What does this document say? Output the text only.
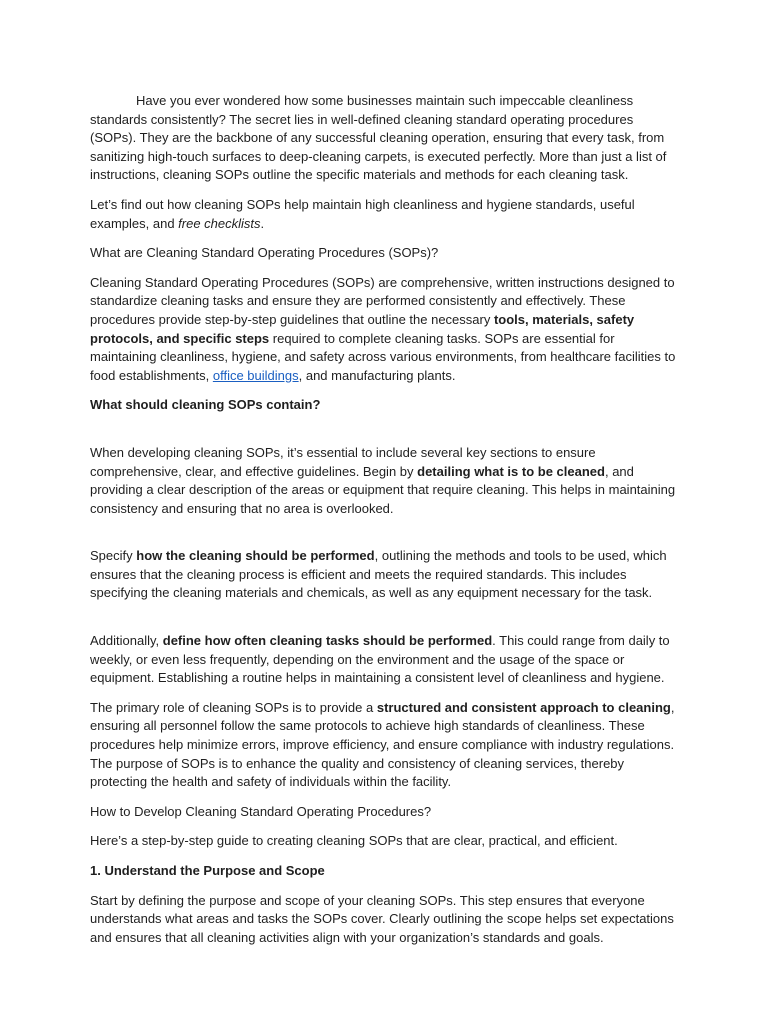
Have you ever wondered how some businesses maintain such impeccable cleanliness standards consistently? The secret lies in well-defined cleaning standard operating procedures (SOPs). They are the backbone of any successful cleaning operation, ensuring that every task, from sanitizing high-touch surfaces to deep-cleaning carpets, is executed perfectly. More than just a list of instructions, cleaning SOPs outline the specific materials and methods for each cleaning task.

Let’s find out how cleaning SOPs help maintain high cleanliness and hygiene standards, useful examples, and free checklists.

What are Cleaning Standard Operating Procedures (SOPs)?

Cleaning Standard Operating Procedures (SOPs) are comprehensive, written instructions designed to standardize cleaning tasks and ensure they are performed consistently and effectively. These procedures provide step-by-step guidelines that outline the necessary tools, materials, safety protocols, and specific steps required to complete cleaning tasks. SOPs are essential for maintaining cleanliness, hygiene, and safety across various environments, from healthcare facilities to food establishments, office buildings, and manufacturing plants.

What should cleaning SOPs contain?

When developing cleaning SOPs, it’s essential to include several key sections to ensure comprehensive, clear, and effective guidelines. Begin by detailing what is to be cleaned, and providing a clear description of the areas or equipment that require cleaning. This helps in maintaining consistency and ensuring that no area is overlooked.

Specify how the cleaning should be performed, outlining the methods and tools to be used, which ensures that the cleaning process is efficient and meets the required standards. This includes specifying the cleaning materials and chemicals, as well as any equipment necessary for the task.

Additionally, define how often cleaning tasks should be performed. This could range from daily to weekly, or even less frequently, depending on the environment and the usage of the space or equipment. Establishing a routine helps in maintaining a consistent level of cleanliness and hygiene.

The primary role of cleaning SOPs is to provide a structured and consistent approach to cleaning, ensuring all personnel follow the same protocols to achieve high standards of cleanliness. These procedures help minimize errors, improve efficiency, and ensure compliance with industry regulations. The purpose of SOPs is to enhance the quality and consistency of cleaning services, thereby protecting the health and safety of individuals within the facility.

How to Develop Cleaning Standard Operating Procedures?

Here’s a step-by-step guide to creating cleaning SOPs that are clear, practical, and efficient.

1. Understand the Purpose and Scope

Start by defining the purpose and scope of your cleaning SOPs. This step ensures that everyone understands what areas and tasks the SOPs cover. Clearly outlining the scope helps set expectations and ensures that all cleaning activities align with your organization’s standards and goals.
